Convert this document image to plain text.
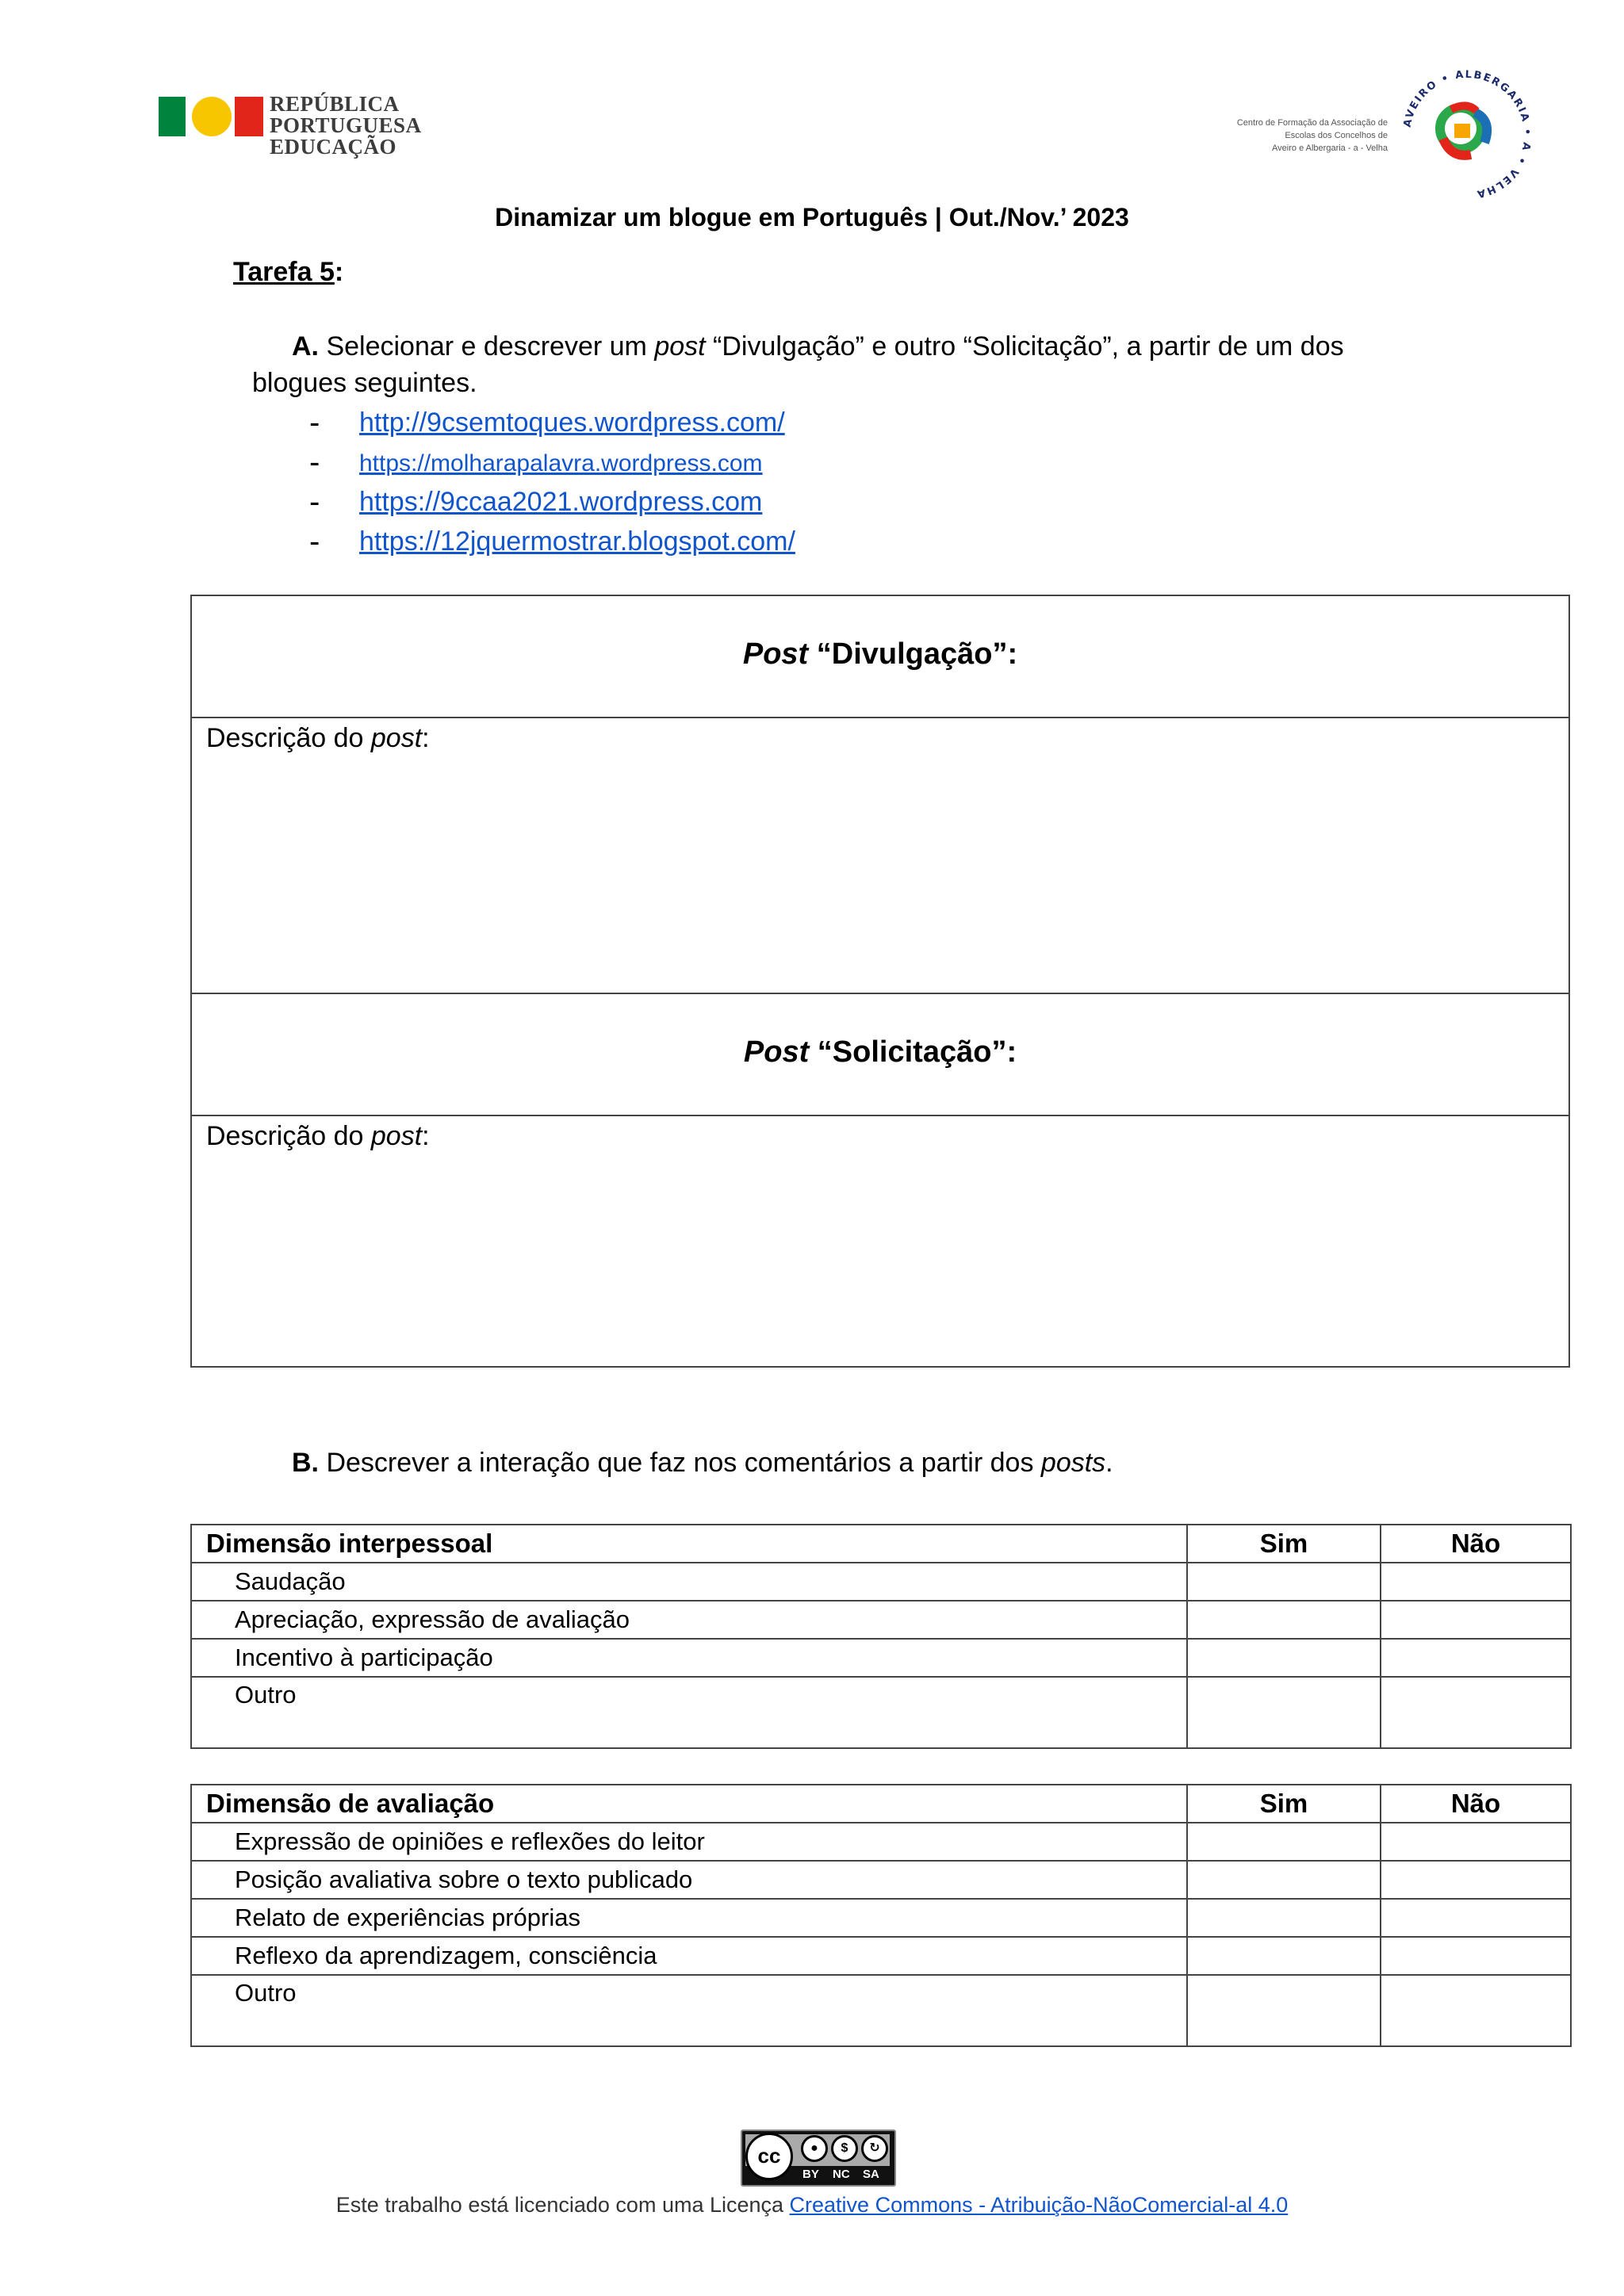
REPÚBLICA
PORTUGUESA
EDUCAÇÃO
Centro de Formação da Associação de
Escolas dos Concelhos de
Aveiro e Albergaria - a - Velha
AVEIRO • ALBERGARIA • A • VELHA
Dinamizar um blogue em Português | Out./Nov.’ 2023
Tarefa 5:
A. Selecionar e descrever um post “Divulgação” e outro “Solicitação”, a partir de um dos
blogues seguintes.
- http://9csemtoques.wordpress.com/
- https://molharapalavra.wordpress.com
- https://9ccaa2021.wordpress.com
- https://12jquermostrar.blogspot.com/
Post “Divulgação”:
Descrição do post:
Post “Solicitação”:
Descrição do post:
B. Descrever a interação que faz nos comentários a partir dos posts.
Dimensão interpessoal	Sim	Não
Saudação		
Apreciação, expressão de avaliação		
Incentivo à participação		
Outro		
Dimensão de avaliação	Sim	Não
Expressão de opiniões e reflexões do leitor		
Posição avaliativa sobre o texto publicado		
Relato de experiências próprias		
Reflexo da aprendizagem, consciência		
Outro		
cc	●	$	↻
BY NC SA
Este trabalho está licenciado com uma Licença Creative Commons - Atribuição-NãoComercial-al 4.0
